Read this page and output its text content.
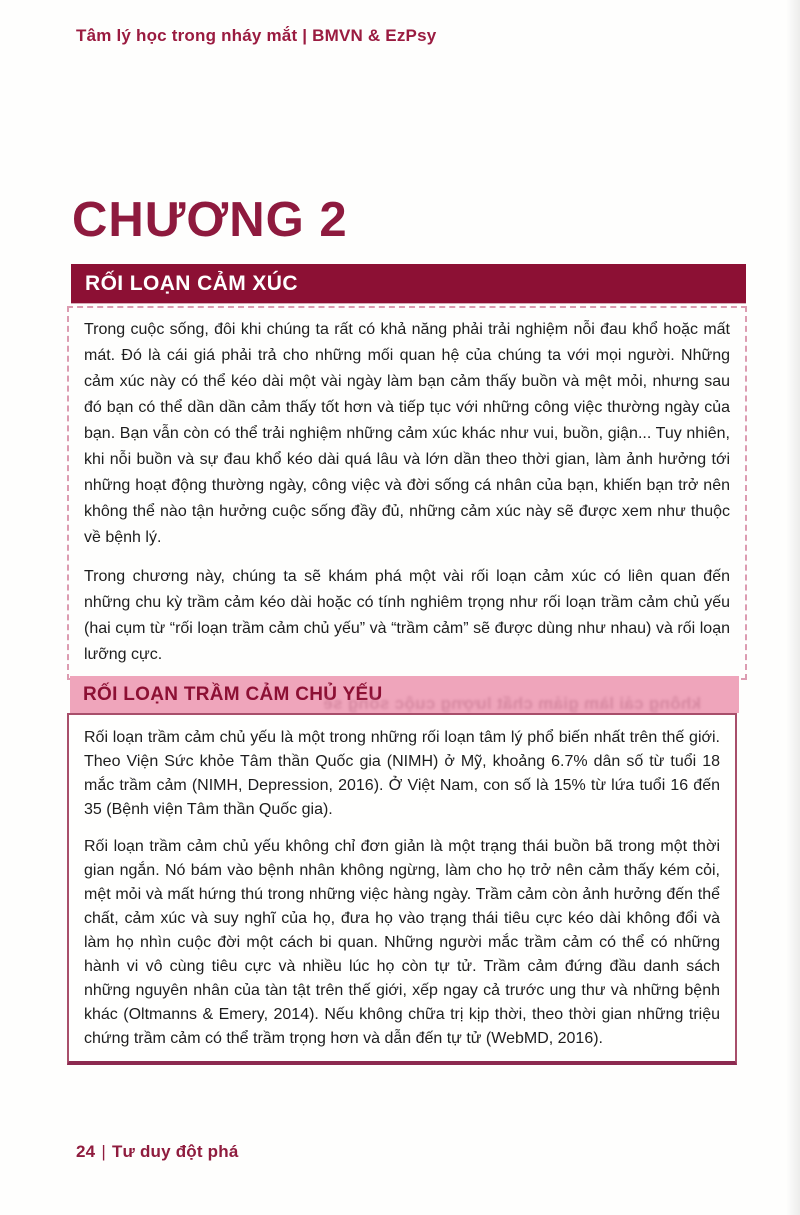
Tâm lý học trong nháy mắt | BMVN & EzPsy
CHƯƠNG 2
RỐI LOẠN CẢM XÚC

Trong cuộc sống, đôi khi chúng ta rất có khả năng phải trải nghiệm nỗi đau khổ hoặc mất mát. Đó là cái giá phải trả cho những mối quan hệ của chúng ta với mọi người. Những cảm xúc này có thể kéo dài một vài ngày làm bạn cảm thấy buồn và mệt mỏi, nhưng sau đó bạn có thể dần dần cảm thấy tốt hơn và tiếp tục với những công việc thường ngày của bạn. Bạn vẫn còn có thể trải nghiệm những cảm xúc khác như vui, buồn, giận... Tuy nhiên, khi nỗi buồn và sự đau khổ kéo dài quá lâu và lớn dần theo thời gian, làm ảnh hưởng tới những hoạt động thường ngày, công việc và đời sống cá nhân của bạn, khiến bạn trở nên không thể nào tận hưởng cuộc sống đầy đủ, những cảm xúc này sẽ được xem như thuộc về bệnh lý.

Trong chương này, chúng ta sẽ khám phá một vài rối loạn cảm xúc có liên quan đến những chu kỳ trầm cảm kéo dài hoặc có tính nghiêm trọng như rối loạn trầm cảm chủ yếu (hai cụm từ “rối loạn trầm cảm chủ yếu” và “trầm cảm” sẽ được dùng như nhau) và rối loạn lưỡng cực.

RỐI LOẠN TRẦM CẢM CHỦ YẾU
không cải làm giảm chất lượng cuộc sống sẽ

Rối loạn trầm cảm chủ yếu là một trong những rối loạn tâm lý phổ biến nhất trên thế giới. Theo Viện Sức khỏe Tâm thần Quốc gia (NIMH) ở Mỹ, khoảng 6.7% dân số từ tuổi 18 mắc trầm cảm (NIMH, Depression, 2016). Ở Việt Nam, con số là 15% từ lứa tuổi 16 đến 35 (Bệnh viện Tâm thần Quốc gia).

Rối loạn trầm cảm chủ yếu không chỉ đơn giản là một trạng thái buồn bã trong một thời gian ngắn. Nó bám vào bệnh nhân không ngừng, làm cho họ trở nên cảm thấy kém cỏi, mệt mỏi và mất hứng thú trong những việc hàng ngày. Trầm cảm còn ảnh hưởng đến thể chất, cảm xúc và suy nghĩ của họ, đưa họ vào trạng thái tiêu cực kéo dài không đổi và làm họ nhìn cuộc đời một cách bi quan. Những người mắc trầm cảm có thể có những hành vi vô cùng tiêu cực và nhiều lúc họ còn tự tử. Trầm cảm đứng đầu danh sách những nguyên nhân của tàn tật trên thế giới, xếp ngay cả trước ung thư và những bệnh khác (Oltmanns & Emery, 2014). Nếu không chữa trị kịp thời, theo thời gian những triệu chứng trầm cảm có thể trầm trọng hơn và dẫn đến tự tử (WebMD, 2016).

24 | Tư duy đột phá
